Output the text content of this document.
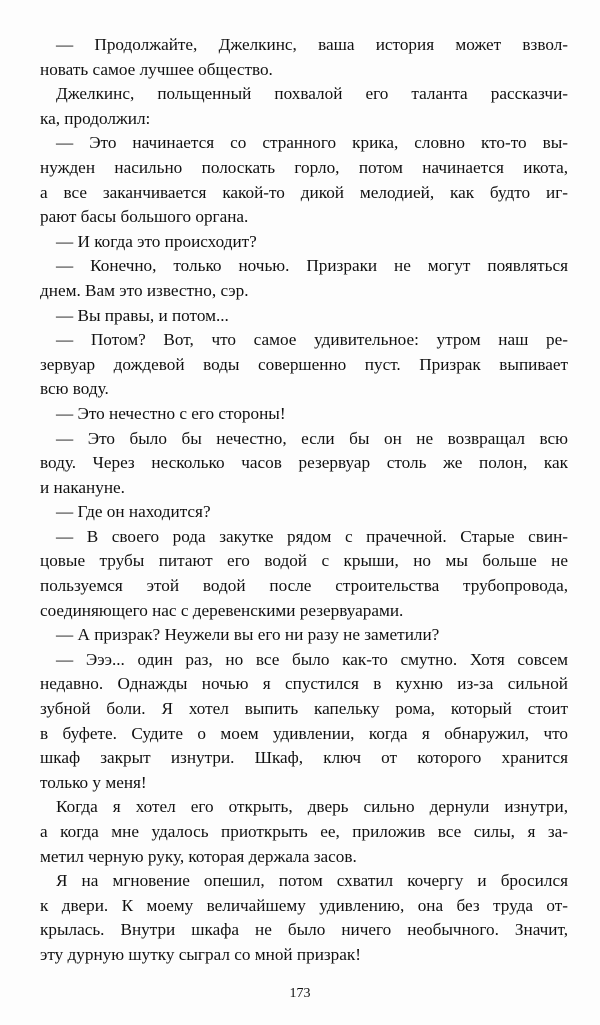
— Продолжайте, Джелкинс, ваша история может взвол-
новать самое лучшее общество.
Джелкинс, польщенный похвалой его таланта рассказчи-
ка, продолжил:
— Это начинается со странного крика, словно кто-то вы-
нужден насильно полоскать горло, потом начинается икота,
а все заканчивается какой-то дикой мелодией, как будто иг-
рают басы большого органа.
— И когда это происходит?
— Конечно, только ночью. Призраки не могут появляться
днем. Вам это известно, сэр.
— Вы правы, и потом...
— Потом? Вот, что самое удивительное: утром наш ре-
зервуар дождевой воды совершенно пуст. Призрак выпивает
всю воду.
— Это нечестно с его стороны!
— Это было бы нечестно, если бы он не возвращал всю
воду. Через несколько часов резервуар столь же полон, как
и накануне.
— Где он находится?
— В своего рода закутке рядом с прачечной. Старые свин-
цовые трубы питают его водой с крыши, но мы больше не
пользуемся этой водой после строительства трубопровода,
соединяющего нас с деревенскими резервуарами.
— А призрак? Неужели вы его ни разу не заметили?
— Эээ... один раз, но все было как-то смутно. Хотя совсем
недавно. Однажды ночью я спустился в кухню из-за сильной
зубной боли. Я хотел выпить капельку рома, который стоит
в буфете. Судите о моем удивлении, когда я обнаружил, что
шкаф закрыт изнутри. Шкаф, ключ от которого хранится
только у меня!
Когда я хотел его открыть, дверь сильно дернули изнутри,
а когда мне удалось приоткрыть ее, приложив все силы, я за-
метил черную руку, которая держала засов.
Я на мгновение опешил, потом схватил кочергу и бросился
к двери. К моему величайшему удивлению, она без труда от-
крылась. Внутри шкафа не было ничего необычного. Значит,
эту дурную шутку сыграл со мной призрак!
173
